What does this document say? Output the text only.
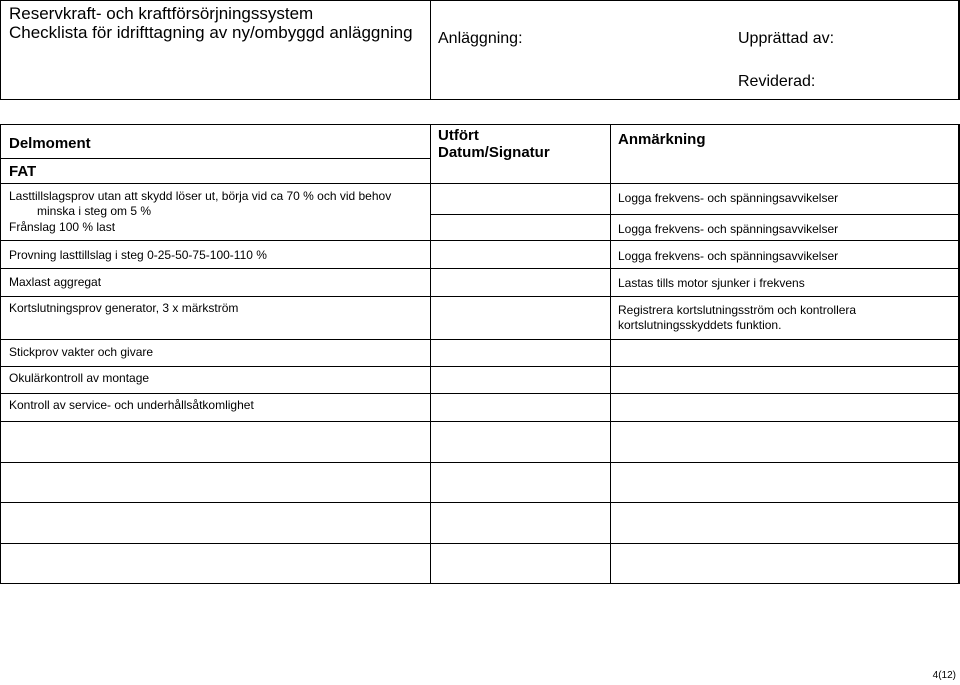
Reservkraft- och kraftförsörjningssystem
Checklista för idrifttagning av ny/ombyggd anläggning Anläggning:	Upprättad av:
Reviderad:
Delmoment	Utfört
Datum/Signatur
Anmärkning
FAT
Lasttillslagsprov utan att skydd löser ut, börja vid ca 70 % och vid behov minska i steg om 5 %
Frånslag 100 % last
Provning lasttillslag i steg 0-25-50-75-100-110 %
Maxlast aggregat
Kortslutningsprov generator, 3 x märkström
Stickprov vakter och givare
Okulärkontroll av montage
Kontroll av service- och underhållsåtkomlighet
Logga frekvens- och spänningsavvikelser
Logga frekvens- och spänningsavvikelser
Logga frekvens- och spänningsavvikelser
Lastas tills motor sjunker i frekvens
Registrera kortslutningsström och kontrollera kortslutningsskyddets funktion.
4(12)
